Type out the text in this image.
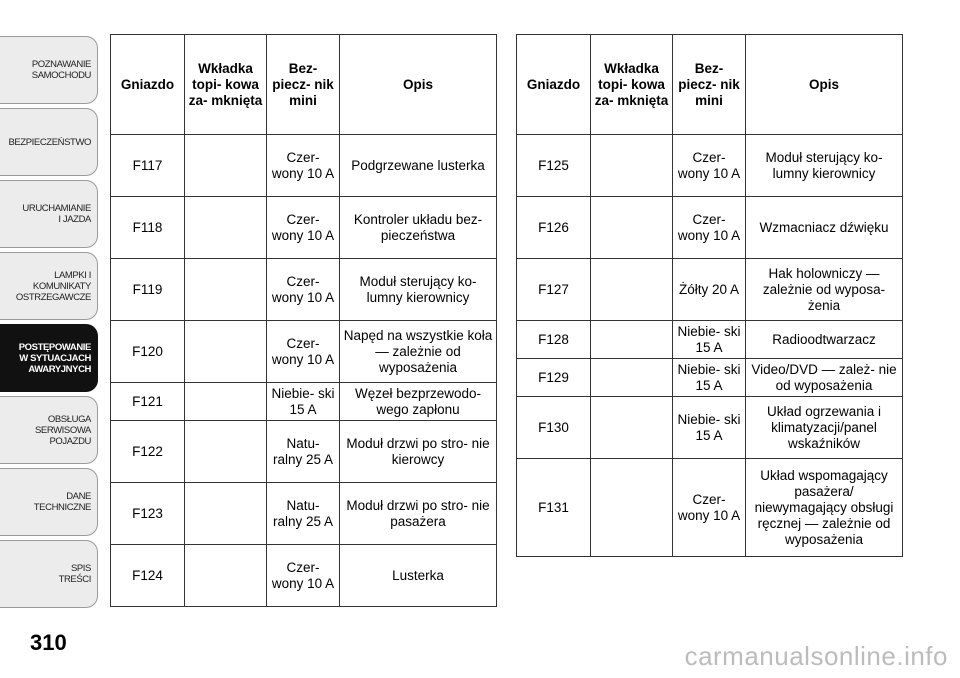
POZNAWANIE
SAMOCHODU
BEZPIECZEŃSTWO
URUCHAMIANIE
I JAZDA
LAMPKI I
KOMUNIKATY
OSTRZEGAWCZE
POSTĘPOWANIE
W SYTUACJACH
AWARYJNYCH
OBSŁUGA
SERWISOWA
POJAZDU
DANE
TECHNICZNE
SPIS
TREŚCI
310
Gniazdo	Wkładka topi- kowa za- mknięta	Bez- piecz- nik mini	Opis
F117		Czer- wony 10 A	Podgrzewane lusterka
F118		Czer- wony 10 A	Kontroler układu bez- pieczeństwa
F119		Czer- wony 10 A	Moduł sterujący ko- lumny kierownicy
F120		Czer- wony 10 A	Napęd na wszystkie koła — zależnie od wyposażenia
F121		Niebie- ski 15 A	Węzeł bezprzewodo- wego zapłonu
F122		Natu- ralny 25 A	Moduł drzwi po stro- nie kierowcy
F123		Natu- ralny 25 A	Moduł drzwi po stro- nie pasażera
F124		Czer- wony 10 A	Lusterka
Gniazdo	Wkładka topi- kowa za- mknięta	Bez- piecz- nik mini	Opis
F125		Czer- wony 10 A	Moduł sterujący ko- lumny kierownicy
F126		Czer- wony 10 A	Wzmacniacz dźwięku
F127		Żółty 20 A	Hak holowniczy — zależnie od wyposa- żenia
F128		Niebie- ski 15 A	Radioodtwarzacz
F129		Niebie- ski 15 A	Video/DVD — zależ- nie od wyposażenia
F130		Niebie- ski 15 A	Układ ogrzewania i klimatyzacji/panel wskaźników
F131		Czer- wony 10 A	Układ wspomagający pasażera/ niewymagający obsługi ręcznej — zależnie od wyposażenia
carmanualsonline.info
